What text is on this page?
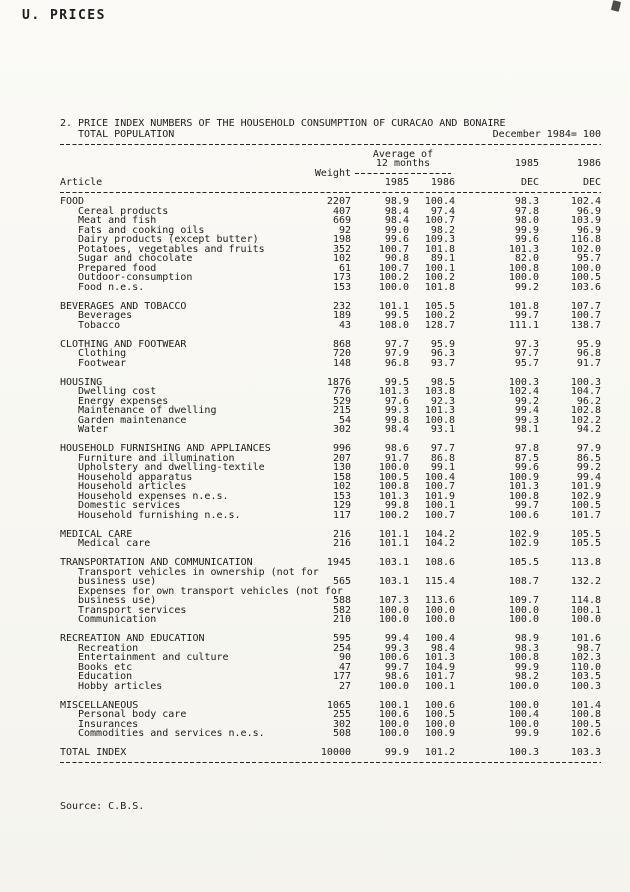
U. PRICES
2. PRICE INDEX NUMBERS OF THE HOUSEHOLD CONSUMPTION OF CURACAO AND BONAIRE
TOTAL POPULATION	December 1984= 100
Average of
12 months	1985	1986
Weight
Article	1985	1986	DEC	DEC
FOOD	2207	98.9	100.4	98.3	102.4
Cereal products	407	98.4	97.4	97.8	96.9
Meat and fish	669	98.4	100.7	98.0	103.9
Fats and cooking oils	92	99.0	98.2	99.9	96.9
Dairy products (except butter)	198	99.6	109.3	99.6	116.8
Potatoes, vegetables and fruits	352	100.7	101.8	101.3	102.0
Sugar and chocolate	102	90.8	89.1	82.0	95.7
Prepared food	61	100.7	100.1	100.8	100.0
Outdoor-consumption	173	100.2	100.2	100.0	100.5
Food n.e.s.	153	100.0	101.8	99.2	103.6
BEVERAGES AND TOBACCO	232	101.1	105.5	101.8	107.7
Beverages	189	99.5	100.2	99.7	100.7
Tobacco	43	108.0	128.7	111.1	138.7
CLOTHING AND FOOTWEAR	868	97.7	95.9	97.3	95.9
Clothing	720	97.9	96.3	97.7	96.8
Footwear	148	96.8	93.7	95.7	91.7
HOUSING	1876	99.5	98.5	100.3	100.3
Dwelling cost	776	101.3	103.8	102.4	104.7
Energy expenses	529	97.6	92.3	99.2	96.2
Maintenance of dwelling	215	99.3	101.3	99.4	102.8
Garden maintenance	54	99.8	100.8	99.3	102.2
Water	302	98.4	93.1	98.1	94.2
HOUSEHOLD FURNISHING AND APPLIANCES	996	98.6	97.7	97.8	97.9
Furniture and illumination	207	91.7	86.8	87.5	86.5
Upholstery and dwelling-textile	130	100.0	99.1	99.6	99.2
Household apparatus	158	100.5	100.4	100.9	99.4
Household articles	102	100.8	100.7	101.3	101.9
Household expenses n.e.s.	153	101.3	101.9	100.8	102.9
Domestic services	129	99.8	100.1	99.7	100.5
Household furnishing n.e.s.	117	100.2	100.7	100.6	101.7
MEDICAL CARE	216	101.1	104.2	102.9	105.5
Medical care	216	101.1	104.2	102.9	105.5
TRANSPORTATION AND COMMUNICATION	1945	103.1	108.6	105.5	113.8
Transport vehicles in ownership (not for
business use)	565	103.1	115.4	108.7	132.2
Expenses for own transport vehicles (not for
business use)	588	107.3	113.6	109.7	114.8
Transport services	582	100.0	100.0	100.0	100.1
Communication	210	100.0	100.0	100.0	100.0
RECREATION AND EDUCATION	595	99.4	100.4	98.9	101.6
Recreation	254	99.3	98.4	98.3	98.7
Entertainment and culture	90	100.6	101.3	100.8	102.3
Books etc	47	99.7	104.9	99.9	110.0
Education	177	98.6	101.7	98.2	103.5
Hobby articles	27	100.0	100.1	100.0	100.3
MISCELLANEOUS	1065	100.1	100.6	100.0	101.4
Personal body care	255	100.6	100.5	100.4	100.8
Insurances	302	100.0	100.0	100.0	100.5
Commodities and services n.e.s.	508	100.0	100.9	99.9	102.6
TOTAL INDEX	10000	99.9	101.2	100.3	103.3
Source: C.B.S.
